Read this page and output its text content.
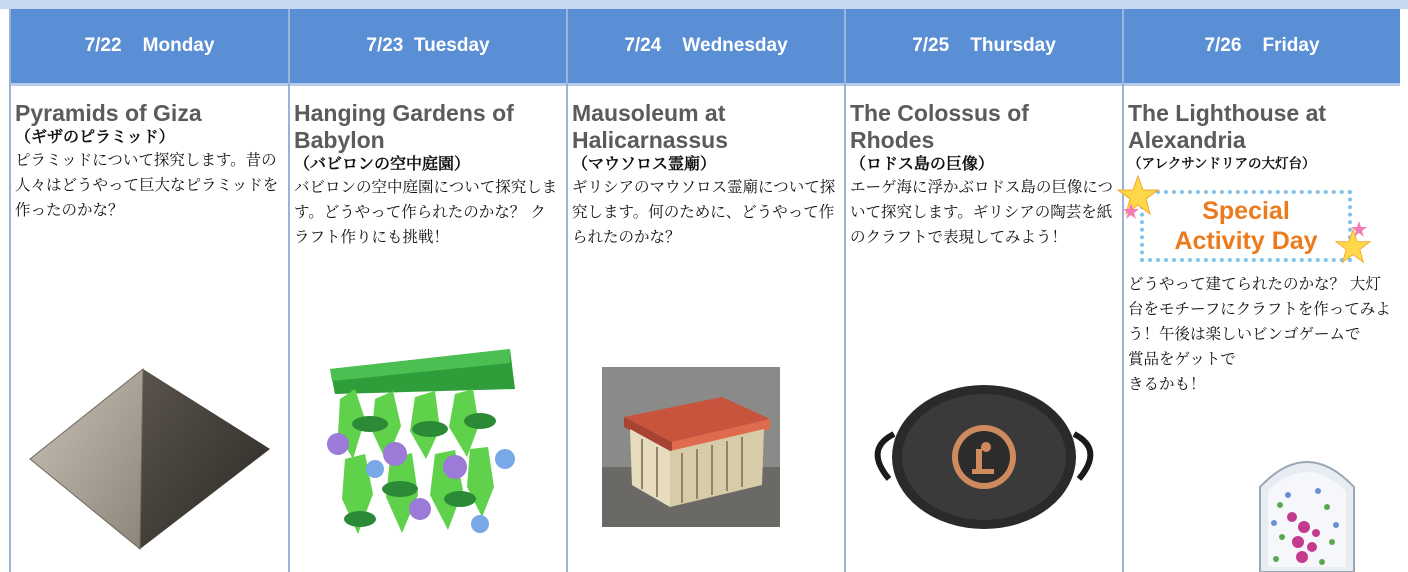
7/22    Monday
Pyramids of Giza
（ギザのピラミッド）
ピラミッドについて探究します。昔の人々はどうやって巨大なピラミッドを作ったのかな？
7/23  Tuesday
Hanging Gardens of Babylon
（バビロンの空中庭園）
バビロンの空中庭園について探究します。どうやって作られたのかな？ クラフト作りにも挑戦！
7/24    Wednesday
Mausoleum at Halicarnassus
（マウソロス霊廟）
ギリシアのマウソロス霊廟について探究します。何のために、どうやって作られたのかな？
7/25    Thursday
The Colossus of Rhodes
（ロドス島の巨像）
エーゲ海に浮かぶロドス島の巨像について探究します。ギリシアの陶芸を紙のクラフトで表現してみよう！
7/26    Friday
The Lighthouse at Alexandria
（アレクサンドリアの大灯台）
Special
Activity Day
どうやって建てられたのかな？ 大灯台をモチーフにクラフトを作ってみよう！午後は楽しいビンゴゲームで
賞品をゲットできるかも！
